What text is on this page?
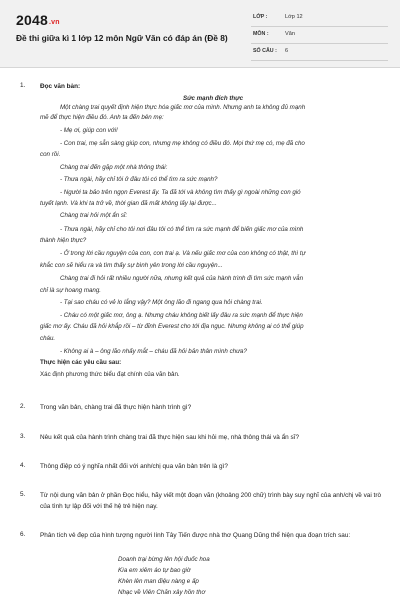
2048.vn
Đề thi giữa kì 1 lớp 12 môn Ngữ Văn có đáp án (Đề 8)
LỚP :	Lớp 12
MÔN :	Văn
SỐ CÂU : 6
1.	Đọc văn bản:
Sức mạnh đích thực
Một chàng trai quyết định hiện thực hóa giấc mơ của mình. Nhưng anh ta không đủ mạnh
mẽ để thực hiện điều đó. Anh ta đến bên mẹ:
- Mẹ ơi, giúp con với!
- Con trai, mẹ sẵn sàng giúp con, nhưng mẹ không có điều đó. Mọi thứ mẹ có, mẹ đã cho
con rồi.
Chàng trai đến gặp một nhà thông thái:
- Thưa ngài, hãy chỉ tôi ở đâu tôi có thể tìm ra sức mạnh?
- Người ta bảo trên ngọn Everest ấy. Ta đã tới và không tìm thấy gì ngoài những con gió
tuyết lạnh. Và khi ta trở về, thời gian đã mất không lấy lại được...
Chàng trai hỏi một ẩn sĩ:
- Thưa ngài, hãy chỉ cho tôi nơi đâu tôi có thể tìm ra sức mạnh để biến giấc mơ của mình
thành hiện thực?
- Ở trong lời cầu nguyện của con, con trai ạ. Và nếu giấc mơ của con không có thật, thì tự
khắc con sẽ hiểu ra và tìm thấy sự bình yên trong lời cầu nguyện...
Chàng trai đi hỏi rất nhiều người nữa, nhưng kết quả của hành trình đi tìm sức mạnh vẫn
chỉ là sự hoang mang.
- Tại sao cháu có vẻ lo lắng vậy? Một ông lão đi ngang qua hỏi chàng trai.
- Cháu có một giấc mơ, ông ạ. Nhưng cháu không biết lấy đâu ra sức mạnh để thực hiện
giấc mơ ấy. Cháu đã hỏi khắp rồi – từ đỉnh Everest cho tới địa ngục. Nhưng không ai có thể giúp
cháu.
- Không ai à – ông lão nhấy mắt – cháu đã hỏi bản thân mình chưa?
Thực hiện các yêu cầu sau:
Xác định phương thức biểu đạt chính của văn bản.
2.	Trong văn bản, chàng trai đã thực hiện hành trình gì?
3.	Nêu kết quả của hành trình chàng trai đã thực hiện sau khi hỏi mẹ, nhà thông thái và ẩn sĩ?
4.	Thông điệp có ý nghĩa nhất đối với anh/chị qua văn bản trên là gì?
5.	Từ nội dung văn bản ở phần Đọc hiểu, hãy viết một đoạn văn (khoảng 200 chữ) trình bày suy nghĩ của anh/chị về vai trò của tình tự lập đối với thế hệ trẻ hiện nay.
6.	Phân tích vẻ đẹp của hình tượng người lính Tây Tiến được nhà thơ Quang Dũng thể hiện qua đoạn trích sau:
Doanh trại bừng lên hội đuốc hoa
Kìa em xiêm áo tự bao giờ
Khèn lên man điệu nàng e ấp
Nhạc về Viên Chăn xây hồn thơ
